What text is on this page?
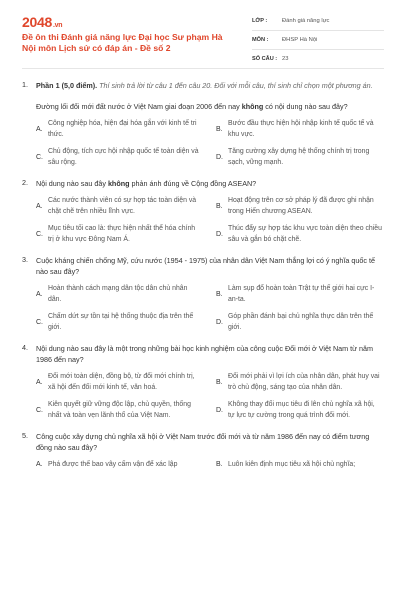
2048.vn
Đề ôn thi Đánh giá năng lực Đại học Sư phạm Hà Nội môn Lịch sử có đáp án - Đề số 2
LỚP :	Đánh giá năng lực
MÔN :	ĐHSP Hà Nội
SỐ CÂU : 23
1. Phần 1 (5,0 điểm). Thí sinh trả lời từ câu 1 đến câu 20. Đối với mỗi câu, thí sinh chỉ chọn một phương án.
Đường lối đổi mới đất nước ở Việt Nam giai đoạn 2006 đến nay không có nội dung nào sau đây?
A.
Công nghiệp hóa, hiện đại hóa gắn với kinh tế tri thức.
B.
Bước đầu thực hiện hội nhập kinh tế quốc tế và khu vực.
C.
Chủ động, tích cực hội nhập quốc tế toàn diện và sâu rộng.
D.
Tăng cường xây dựng hệ thống chính trị trong sạch, vững mạnh.
2. Nội dung nào sau đây không phản ánh đúng về Cộng đồng ASEAN?
A.
Các nước thành viên có sự hợp tác toàn diện và chặt chẽ trên nhiều lĩnh vực.
B.
Hoạt động trên cơ sở pháp lý đã được ghi nhận trong Hiến chương ASEAN.
C.
Mục tiêu tối cao là: thực hiện nhất thể hóa chính trị ở khu vực Đông Nam Á.
D.
Thúc đẩy sự hợp tác khu vực toàn diện theo chiều sâu và gắn bó chặt chẽ.
3. Cuộc kháng chiến chống Mỹ, cứu nước (1954 - 1975) của nhân dân Việt Nam thắng lợi có ý nghĩa quốc tế nào sau đây?
A.
Hoàn thành cách mạng dân tộc dân chủ nhân dân.
B.
Làm sụp đổ hoàn toàn Trật tự thế giới hai cực I-an-ta.
C.
Chấm dứt sự tồn tại hệ thống thuộc địa trên thế giới.
D.
Góp phần đánh bại chủ nghĩa thực dân trên thế giới.
4. Nội dung nào sau đây là một trong những bài học kinh nghiệm của công cuộc Đổi mới ở Việt Nam từ năm 1986 đến nay?
A.
Đổi mới toàn diện, đồng bộ, từ đổi mới chính trị, xã hội đến đổi mới kinh tế, văn hoá.
B.
Đổi mới phải vì lợi ích của nhân dân, phát huy vai trò chủ động, sáng tạo của nhân dân.
C.
Kiên quyết giữ vững độc lập, chủ quyền, thống nhất và toàn vẹn lãnh thổ của Việt Nam.
D.
Không thay đổi mục tiêu đi lên chủ nghĩa xã hội, tự lực tự cường trong quá trình đổi mới.
5. Công cuộc xây dựng chủ nghĩa xã hội ở Việt Nam trước đổi mới và từ năm 1986 đến nay có điểm tương đồng nào sau đây?
A. Phá được thế bao vây cấm vận để xác lập	B. Luôn kiên định mục tiêu xã hội chủ nghĩa;
